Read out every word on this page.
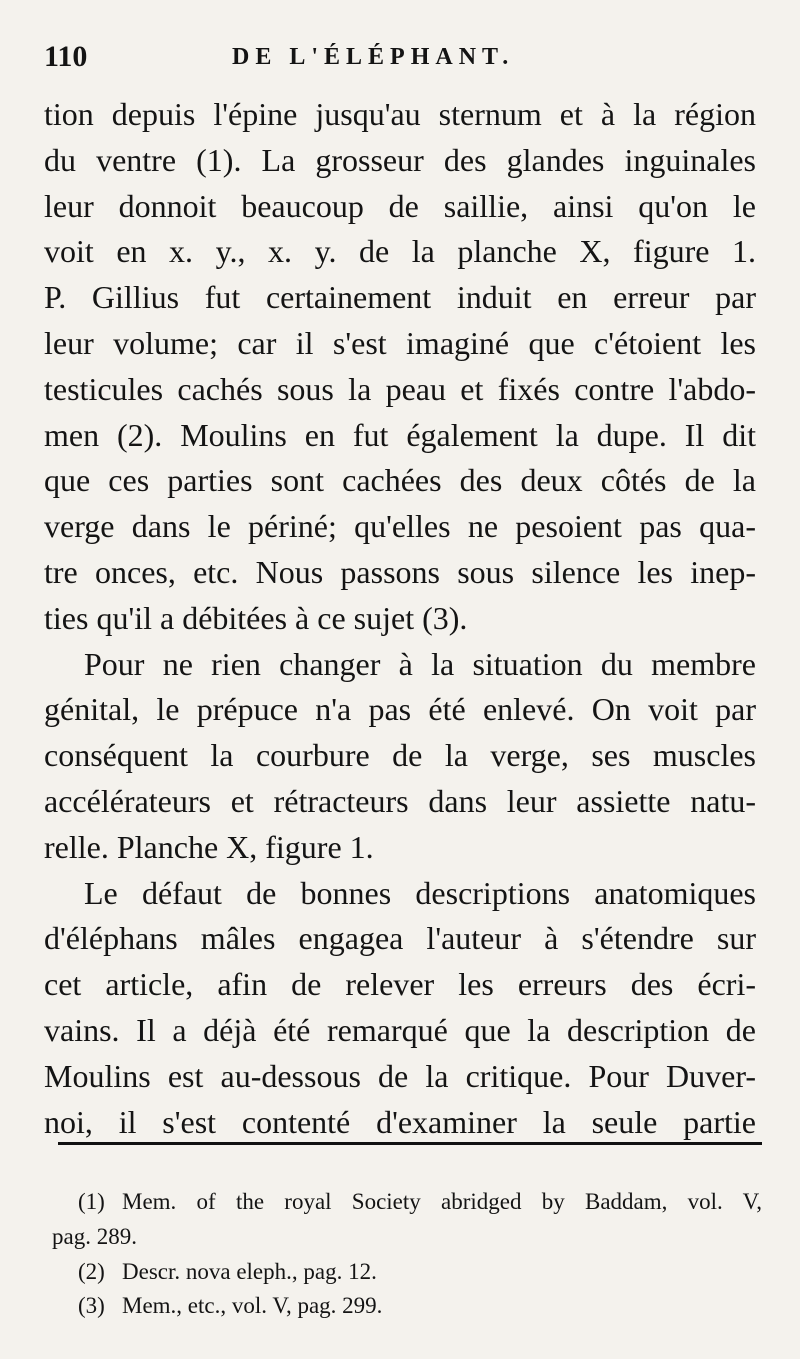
110	DE L'ÉLÉPHANT.
tion depuis l'épine jusqu'au sternum et à la région
du ventre (1). La grosseur des glandes inguinales
leur donnoit beaucoup de saillie, ainsi qu'on le
voit en x. y., x. y. de la planche X, figure 1.
P. Gillius fut certainement induit en erreur par
leur volume; car il s'est imaginé que c'étoient les
testicules cachés sous la peau et fixés contre l'abdo-
men (2). Moulins en fut également la dupe. Il dit
que ces parties sont cachées des deux côtés de la
verge dans le périné; qu'elles ne pesoient pas qua-
tre onces, etc. Nous passons sous silence les inep-
ties qu'il a débitées à ce sujet (3).
Pour ne rien changer à la situation du membre
génital, le prépuce n'a pas été enlevé. On voit par
conséquent la courbure de la verge, ses muscles
accélérateurs et rétracteurs dans leur assiette natu-
relle. Planche X, figure 1.
Le défaut de bonnes descriptions anatomiques
d'éléphans mâles engagea l'auteur à s'étendre sur
cet article, afin de relever les erreurs des écri-
vains. Il a déjà été remarqué que la description de
Moulins est au-dessous de la critique. Pour Duver-
noi, il s'est contenté d'examiner la seule partie
(1) Mem. of the royal Society abridged by Baddam, vol. V,
pag. 289.
(2) Descr. nova eleph., pag. 12.
(3) Mem., etc., vol. V, pag. 299.
